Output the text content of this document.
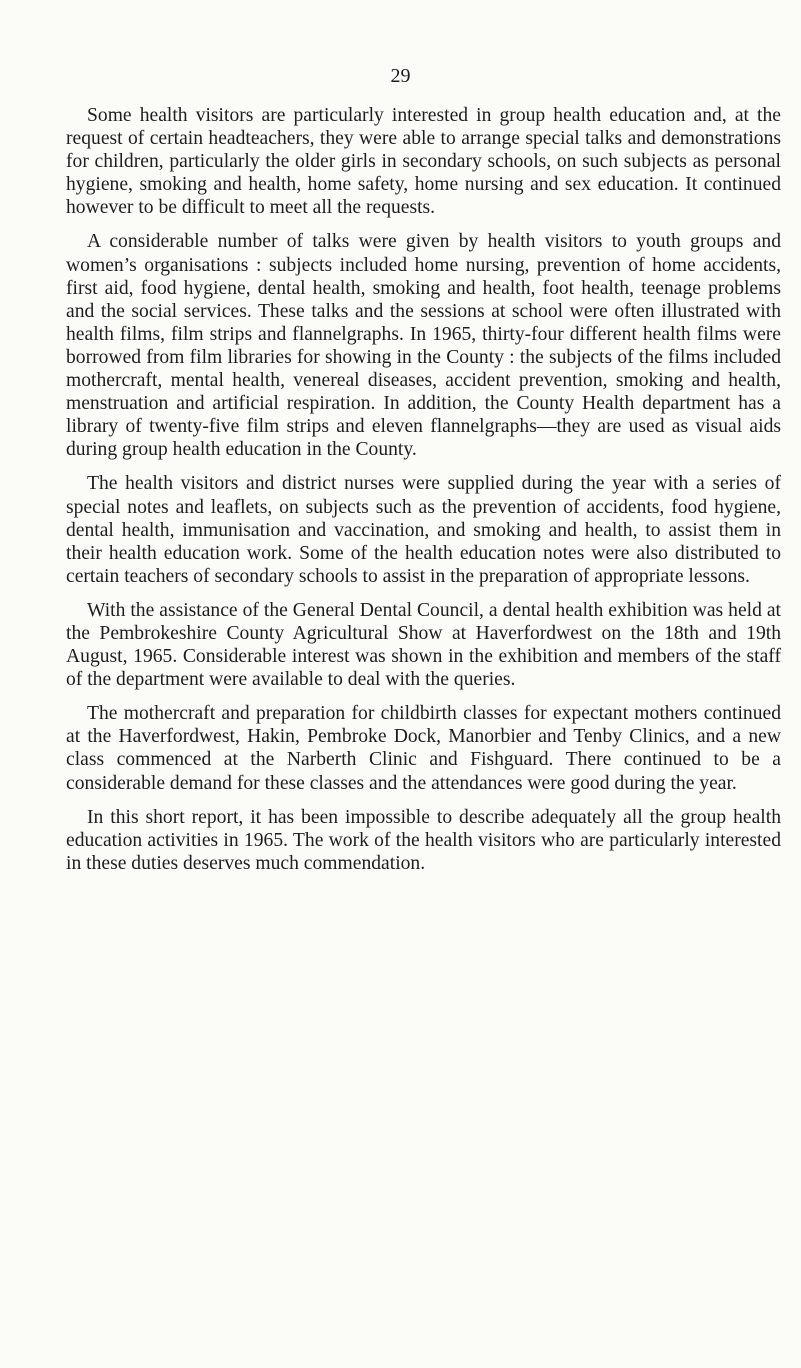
29

Some health visitors are particularly interested in group health education and, at the request of certain headteachers, they were able to arrange special talks and demonstrations for children, particularly the older girls in secondary schools, on such subjects as personal hygiene, smoking and health, home safety, home nursing and sex education. It continued however to be difficult to meet all the requests.

A considerable number of talks were given by health visitors to youth groups and women’s organisations : subjects included home nursing, prevention of home accidents, first aid, food hygiene, dental health, smoking and health, foot health, teenage problems and the social services. These talks and the sessions at school were often illustrated with health films, film strips and flannelgraphs. In 1965, thirty-four different health films were borrowed from film libraries for showing in the County : the subjects of the films included mothercraft, mental health, venereal diseases, accident prevention, smoking and health, menstruation and artificial respiration. In addition, the County Health department has a library of twenty-five film strips and eleven flannelgraphs—they are used as visual aids during group health education in the County.

The health visitors and district nurses were supplied during the year with a series of special notes and leaflets, on subjects such as the prevention of accidents, food hygiene, dental health, immunisation and vaccination, and smoking and health, to assist them in their health education work. Some of the health education notes were also distributed to certain teachers of secondary schools to assist in the preparation of appropriate lessons.

With the assistance of the General Dental Council, a dental health exhibition was held at the Pembrokeshire County Agricultural Show at Haverfordwest on the 18th and 19th August, 1965. Considerable interest was shown in the exhibition and members of the staff of the department were available to deal with the queries.

The mothercraft and preparation for childbirth classes for expectant mothers continued at the Haverfordwest, Hakin, Pembroke Dock, Manorbier and Tenby Clinics, and a new class commenced at the Narberth Clinic and Fishguard. There continued to be a considerable demand for these classes and the attendances were good during the year.

In this short report, it has been impossible to describe adequately all the group health education activities in 1965. The work of the health visitors who are particularly interested in these duties deserves much commendation.
